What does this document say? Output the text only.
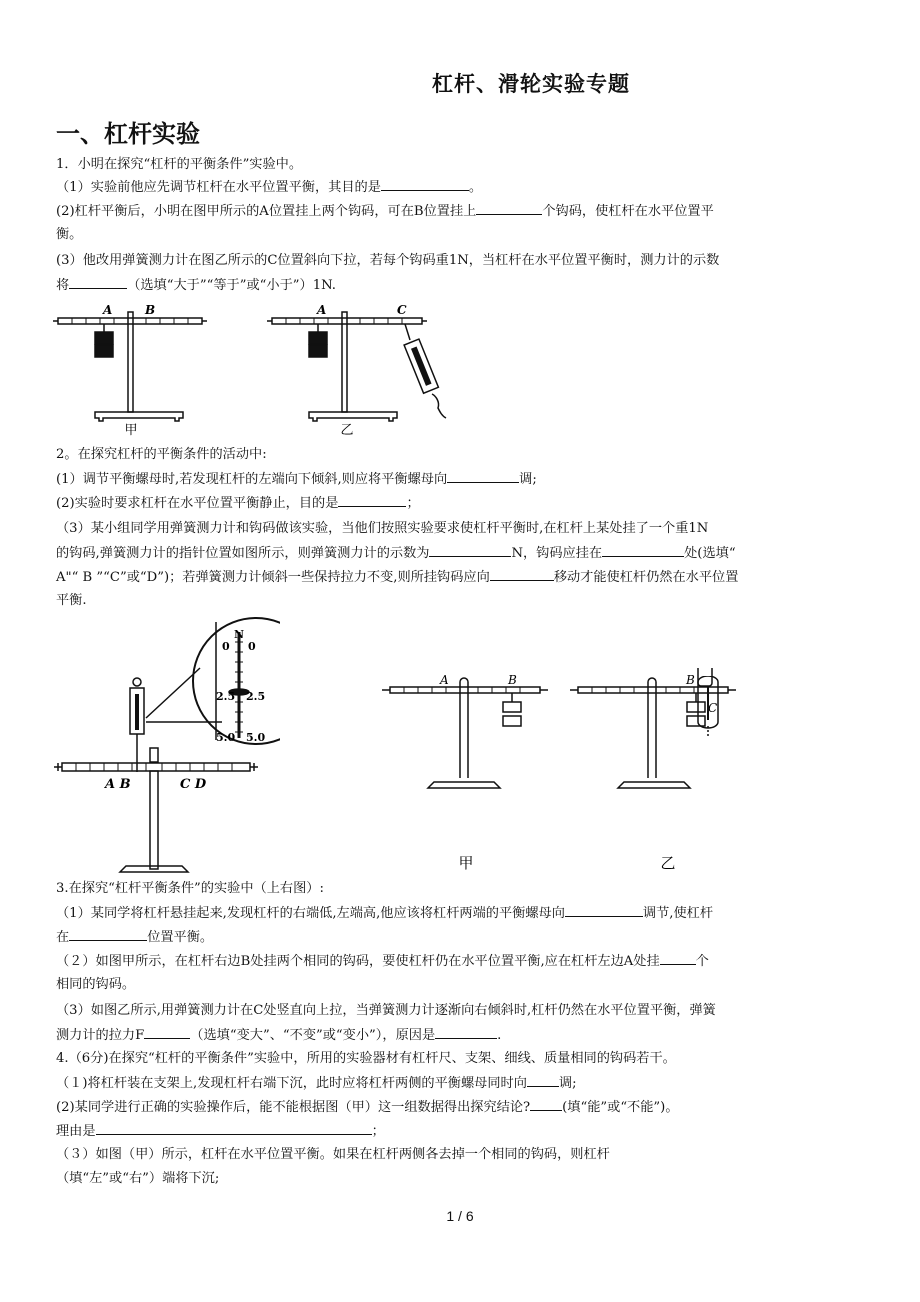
杠杆、滑轮实验专题
一、杠杆实验
1．小明在探究“杠杆的平衡条件”实验中。
（1）实验前他应先调节杠杆在水平位置平衡，其目的是	。
(2)杠杆平衡后，小明在图甲所示的A位置挂上两个钩码，可在B位置挂上	个钩码，使杠杆在水平位置平
衡。
(3）他改用弹簧测力计在图乙所示的C位置斜向下拉，若每个钩码重1N，当杠杆在水平位置平衡时，测力计的示数
将	（选填“大于”“等于”或“小于”）1N.
A	B
甲
A	C
乙
2。在探究杠杆的平衡条件的活动中:
(1）调节平衡螺母时,若发现杠杆的左端向下倾斜,则应将平衡螺母向	调;
(2)实验时要求杠杆在水平位置平衡静止，目的是	；
（3）某小组同学用弹簧测力计和钩码做该实验，当他们按照实验要求使杠杆平衡时,在杠杆上某处挂了一个重1N
的钩码,弹簧测力计的指针位置如图所示，则弹簧测力计的示数为	N，钩码应挂在	处(选填“
A"“ B ”“C”或“D”)；若弹簧测力计倾斜一些保持拉力不变,则所挂钩码应向	移动才能使杠杆仍然在水平位置
平衡.
N
0 0
2.5 2.5
5.0 5.0
A B	C D
A	B
甲
B
C
乙
3.在探究“杠杆平衡条件”的实验中（上右图）:
（1）某同学将杠杆悬挂起来,发现杠杆的右端低,左端高,他应该将杠杆两端的平衡螺母向	调节,使杠杆
在	位置平衡。
（２）如图甲所示，在杠杆右边B处挂两个相同的钩码，要使杠杆仍在水平位置平衡,应在杠杆左边A处挂	个
相同的钩码。
（3）如图乙所示,用弹簧测力计在C处竖直向上拉，当弹簧测力计逐渐向右倾斜时,杠杆仍然在水平位置平衡，弹簧
测力计的拉力F	（选填“变大”、“不变”或“变小”），原因是	.
4.（6分)在探究“杠杆的平衡条件”实验中，所用的实验器材有杠杆尺、支架、细线、质量相同的钩码若干。
（１)将杠杆装在支架上,发现杠杆右端下沉，此时应将杠杆两侧的平衡螺母同时向 调;
(2)某同学进行正确的实验操作后，能不能根据图（甲）这一组数据得出探究结论? (填“能”或“不能”)。
理由是	；
（３）如图（甲）所示，杠杆在水平位置平衡。如果在杠杆两侧各去掉一个相同的钩码，则杠杆
（填“左”或“右”）端将下沉;
1 / 6
